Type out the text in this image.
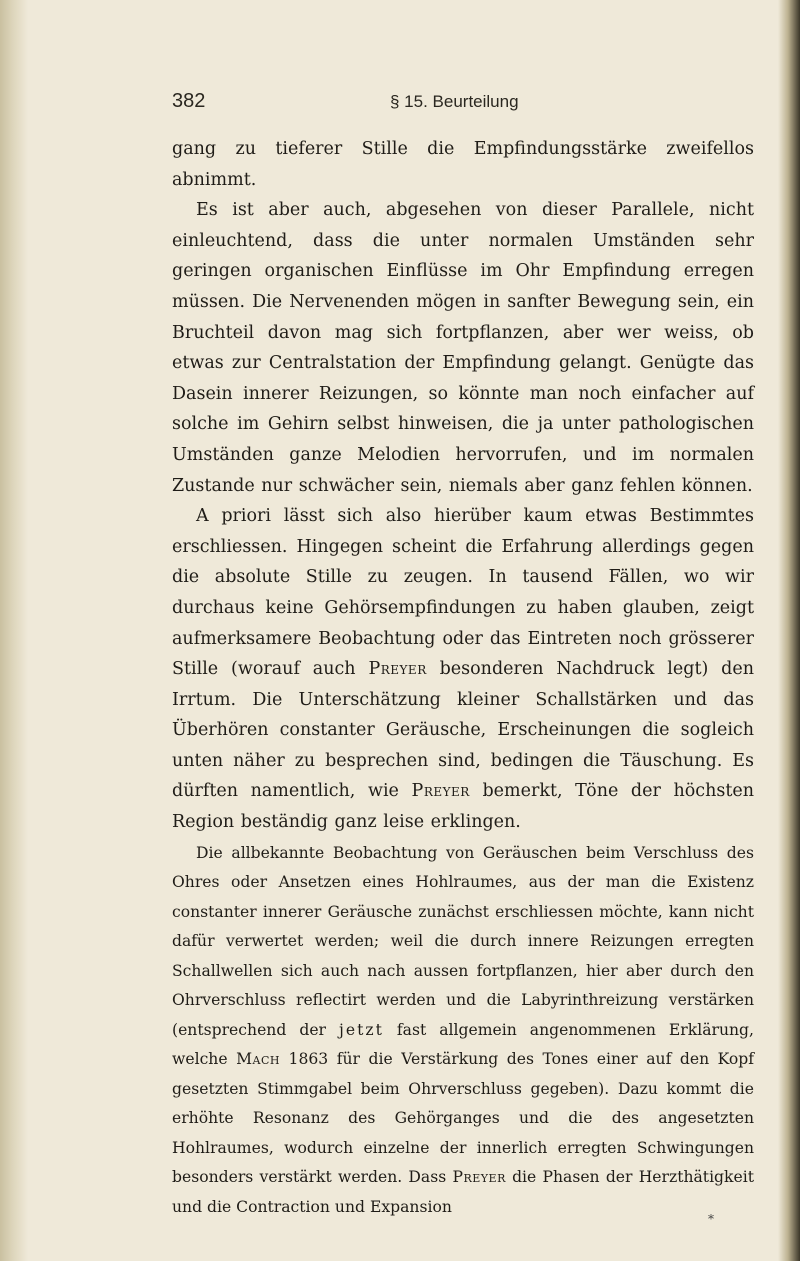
382	§ 15. Beurteilung

gang zu tieferer Stille die Empfindungsstärke zweifellos abnimmt.

Es ist aber auch, abgesehen von dieser Parallele, nicht einleuchtend, dass die unter normalen Umständen sehr geringen organischen Einflüsse im Ohr Empfindung erregen müssen. Die Nervenenden mögen in sanfter Bewegung sein, ein Bruchteil davon mag sich fortpflanzen, aber wer weiss, ob etwas zur Centralstation der Empfindung gelangt. Genügte das Dasein innerer Reizungen, so könnte man noch einfacher auf solche im Gehirn selbst hinweisen, die ja unter pathologischen Umständen ganze Melodien hervorrufen, und im normalen Zustande nur schwächer sein, niemals aber ganz fehlen können.

A priori lässt sich also hierüber kaum etwas Bestimmtes erschliessen. Hingegen scheint die Erfahrung allerdings gegen die absolute Stille zu zeugen. In tausend Fällen, wo wir durchaus keine Gehörsempfindungen zu haben glauben, zeigt aufmerksamere Beobachtung oder das Eintreten noch grösserer Stille (worauf auch Preyer besonderen Nachdruck legt) den Irrtum. Die Unterschätzung kleiner Schallstärken und das Überhören constanter Geräusche, Erscheinungen die sogleich unten näher zu besprechen sind, bedingen die Täuschung. Es dürften namentlich, wie Preyer bemerkt, Töne der höchsten Region beständig ganz leise erklingen.

Die allbekannte Beobachtung von Geräuschen beim Verschluss des Ohres oder Ansetzen eines Hohlraumes, aus der man die Existenz constanter innerer Geräusche zunächst erschliessen möchte, kann nicht dafür verwertet werden; weil die durch innere Reizungen erregten Schallwellen sich auch nach aussen fortpflanzen, hier aber durch den Ohrverschluss reflectirt werden und die Labyrinthreizung verstärken (entsprechend der jetzt fast allgemein angenommenen Erklärung, welche Mach 1863 für die Verstärkung des Tones einer auf den Kopf gesetzten Stimmgabel beim Ohrverschluss gegeben). Dazu kommt die erhöhte Resonanz des Gehörganges und die des angesetzten Hohlraumes, wodurch einzelne der innerlich erregten Schwingungen besonders verstärkt werden. Dass Preyer die Phasen der Herzthätigkeit und die Contraction und Expansion

*
